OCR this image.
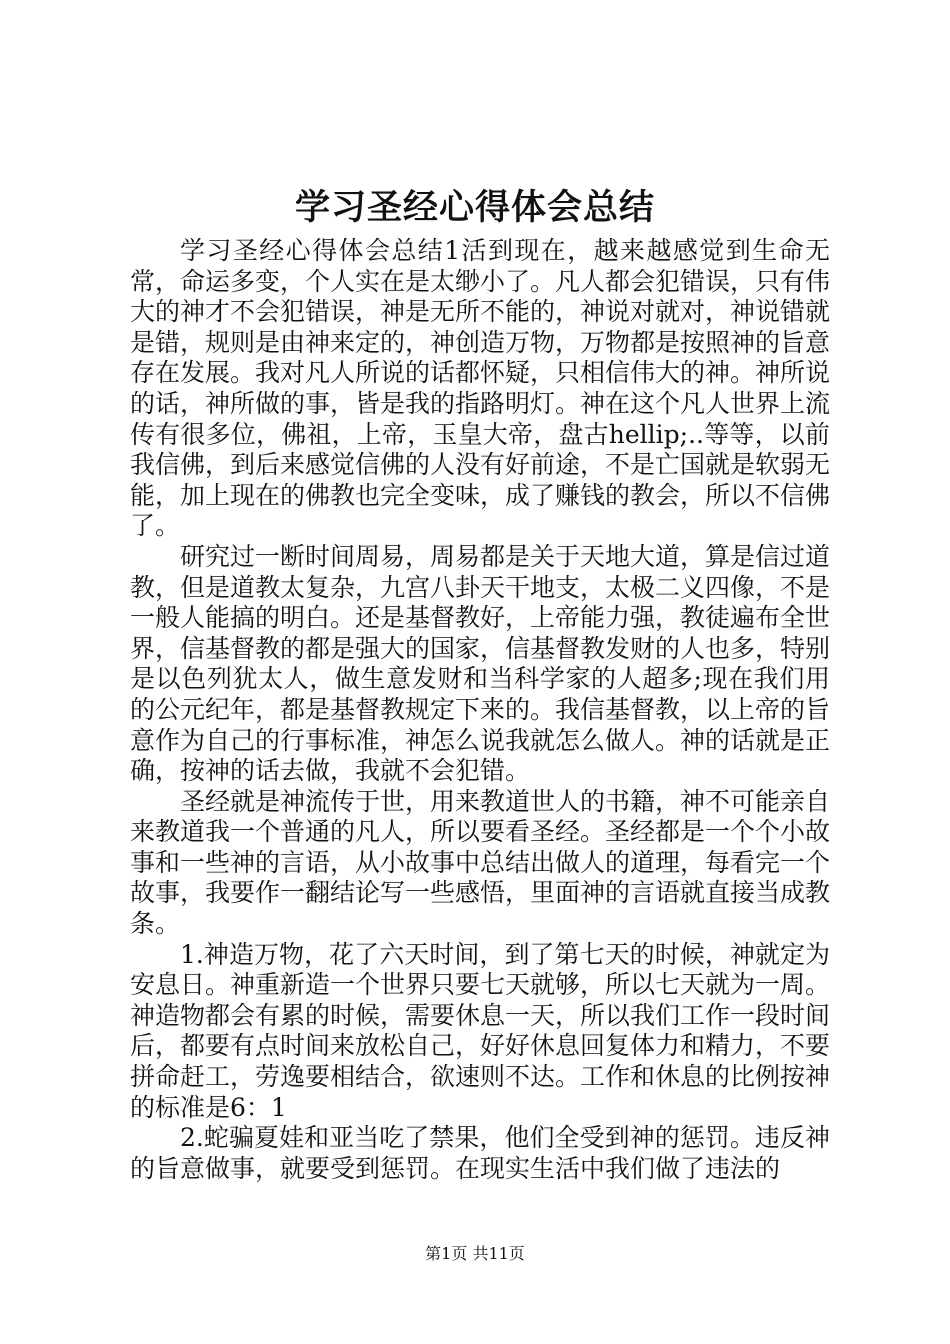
学习圣经心得体会总结

学习圣经心得体会总结1活到现在，越来越感觉到生命无常，命运多变，个人实在是太缈小了。凡人都会犯错误，只有伟大的神才不会犯错误，神是无所不能的，神说对就对，神说错就是错，规则是由神来定的，神创造万物，万物都是按照神的旨意存在发展。我对凡人所说的话都怀疑，只相信伟大的神。神所说的话，神所做的事，皆是我的指路明灯。神在这个凡人世界上流传有很多位，佛祖，上帝，玉皇大帝，盘古hellip;..等等，以前我信佛，到后来感觉信佛的人没有好前途，不是亡国就是软弱无能，加上现在的佛教也完全变味，成了赚钱的教会，所以不信佛了。

研究过一断时间周易，周易都是关于天地大道，算是信过道教，但是道教太复杂，九宫八卦天干地支，太极二义四像，不是一般人能搞的明白。还是基督教好，上帝能力强，教徒遍布全世界，信基督教的都是强大的国家，信基督教发财的人也多，特别是以色列犹太人，做生意发财和当科学家的人超多;现在我们用的公元纪年，都是基督教规定下来的。我信基督教，以上帝的旨意作为自己的行事标准，神怎么说我就怎么做人。神的话就是正确，按神的话去做，我就不会犯错。

圣经就是神流传于世，用来教道世人的书籍，神不可能亲自来教道我一个普通的凡人，所以要看圣经。圣经都是一个个小故事和一些神的言语，从小故事中总结出做人的道理，每看完一个故事，我要作一翻结论写一些感悟，里面神的言语就直接当成教条。

1.神造万物，花了六天时间，到了第七天的时候，神就定为安息日。神重新造一个世界只要七天就够，所以七天就为一周。神造物都会有累的时候，需要休息一天，所以我们工作一段时间后，都要有点时间来放松自己，好好休息回复体力和精力，不要拼命赶工，劳逸要相结合，欲速则不达。工作和休息的比例按神的标准是6：1

2.蛇骗夏娃和亚当吃了禁果，他们全受到神的惩罚。违反神的旨意做事，就要受到惩罚。在现实生活中我们做了违法的

第1页 共11页
